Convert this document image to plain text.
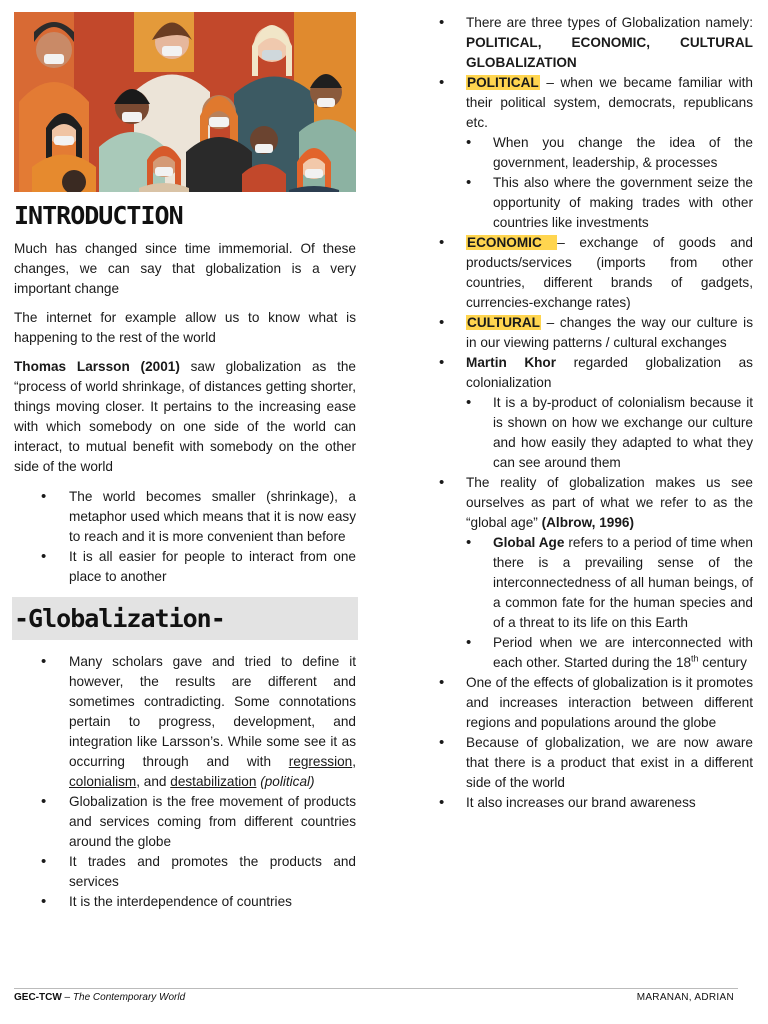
INTRODUCTION

Much has changed since time immemorial. Of these changes, we can say that globalization is a very important change

The internet for example allow us to know what is happening to the rest of the world

Thomas Larsson (2001) saw globalization as the “process of world shrinkage, of distances getting shorter, things moving closer. It pertains to the increasing ease with which somebody on one side of the world can interact, to mutual benefit with somebody on the other side of the world

• The world becomes smaller (shrinkage), a metaphor used which means that it is now easy to reach and it is more convenient than before
• It is all easier for people to interact from one place to another
-Globalization-
• Many scholars gave and tried to define it however, the results are different and sometimes contradicting. Some connotations pertain to progress, development, and integration like Larsson’s. While some see it as occurring through and with regression, colonialism, and destabilization (political)
• Globalization is the free movement of products and services coming from different countries around the globe
• It trades and promotes the products and services
• It is the interdependence of countries
• There are three types of Globalization namely: POLITICAL, ECONOMIC, CULTURAL GLOBALIZATION
• POLITICAL – when we became familiar with their political system, democrats, republicans etc.
• When you change the idea of the government, leadership, & processes
• This also where the government seize the opportunity of making trades with other countries like investments
• ECONOMIC – exchange of goods and products/services (imports from other countries, different brands of gadgets, currencies-exchange rates)
• CULTURAL – changes the way our culture is in our viewing patterns / cultural exchanges
• Martin Khor regarded globalization as colonialization
• It is a by-product of colonialism because it is shown on how we exchange our culture and how easily they adapted to what they can see around them
• The reality of globalization makes us see ourselves as part of what we refer to as the “global age” (Albrow, 1996)
• Global Age refers to a period of time when there is a prevailing sense of the interconnectedness of all human beings, of a common fate for the human species and of a threat to its life on this Earth
• Period when we are interconnected with each other. Started during the 18th century
• One of the effects of globalization is it promotes and increases interaction between different regions and populations around the globe
• Because of globalization, we are now aware that there is a product that exist in a different side of the world
• It also increases our brand awareness
GEC-TCW – The Contemporary World	MARANAN, ADRIAN
